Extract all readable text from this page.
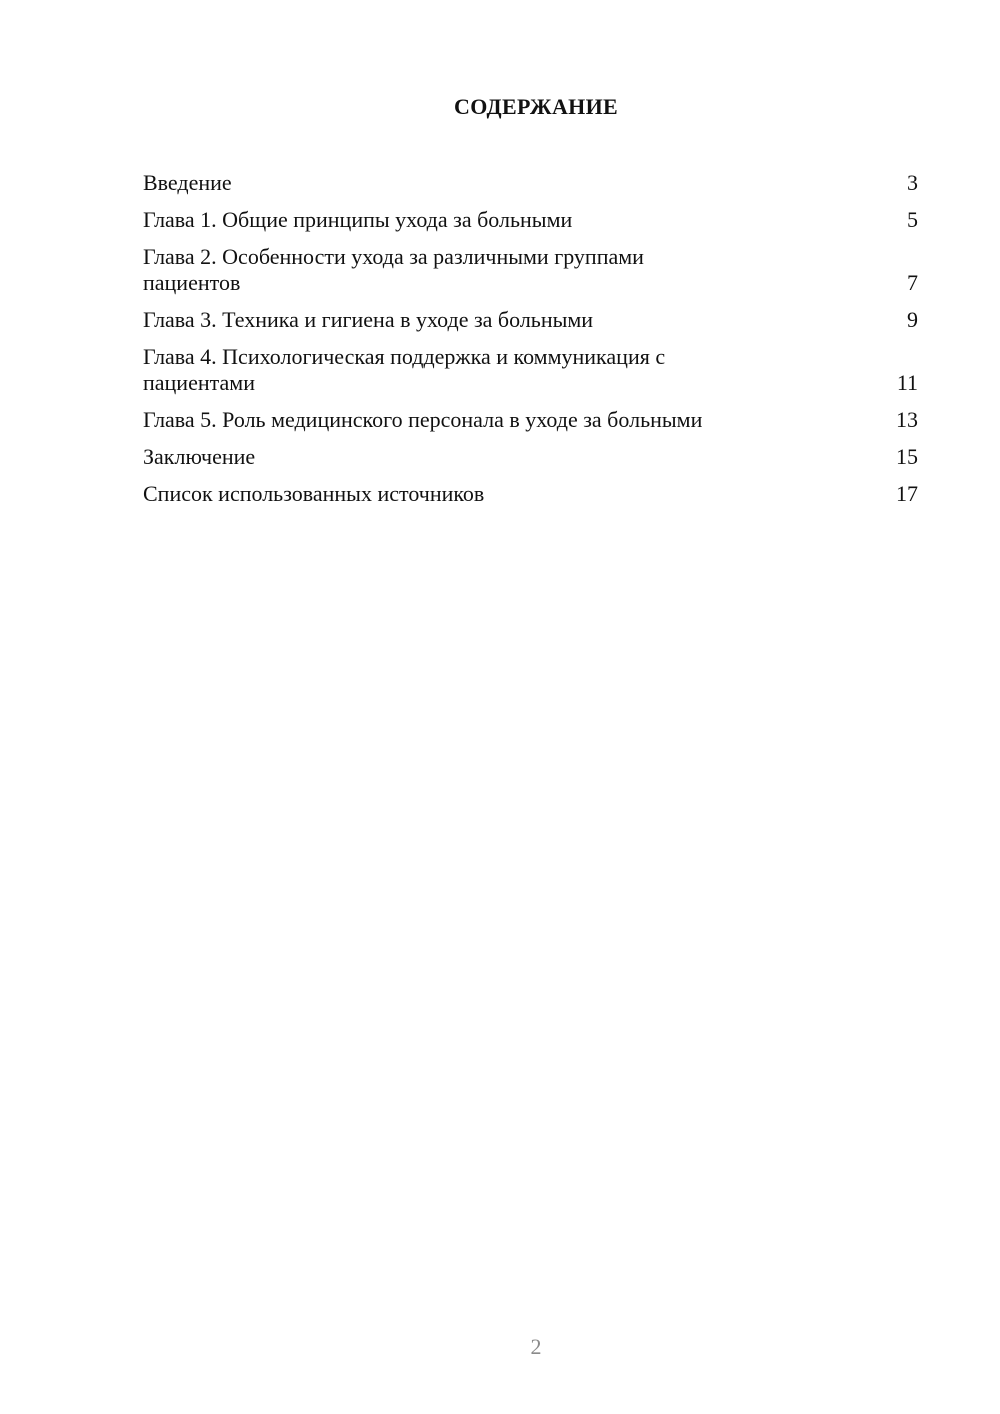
СОДЕРЖАНИЕ
Введение	3
Глава 1. Общие принципы ухода за больными	5
Глава 2. Особенности ухода за различными группами пациентов	7
Глава 3. Техника и гигиена в уходе за больными	9
Глава 4. Психологическая поддержка и коммуникация с пациентами	11
Глава 5. Роль медицинского персонала в уходе за больными	13
Заключение	15
Список использованных источников	17
2
